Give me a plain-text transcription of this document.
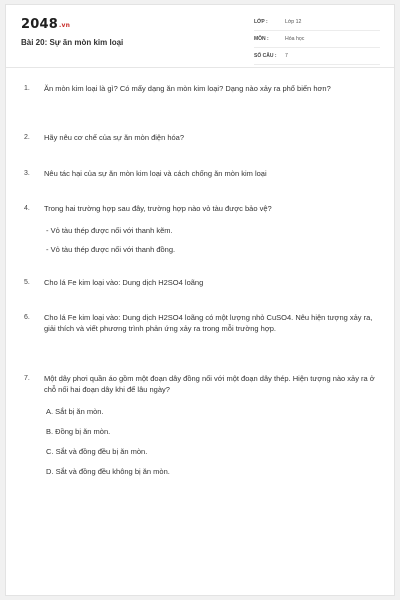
2048.vn
Bài 20: Sự ăn mòn kim loại
LỚP :	Lớp 12
MÔN :	Hóa học
SỐ CÂU : 7
1. Ăn mòn kim loại là gì? Có mấy dạng ăn mòn kim loại? Dạng nào xảy ra phổ biến hơn?
2. Hãy nêu cơ chế của sự ăn mòn điện hóa?
3. Nêu tác hại của sự ăn mòn kim loại và cách chống ăn mòn kim loại
4. Trong hai trường hợp sau đây, trường hợp nào vỏ tàu được bảo vệ?
- Vỏ tàu thép được nối với thanh kẽm.
- Vỏ tàu thép được nối với thanh đồng.
5. Cho lá Fe kim loại vào: Dung dịch H2SO4 loãng
6. Cho lá Fe kim loại vào: Dung dịch H2SO4 loãng có một lượng nhỏ CuSO4. Nêu hiện tượng xảy ra, giải thích và viết phương trình phản ứng xảy ra trong mỗi trường hợp.
7. Một dây phơi quần áo gồm một đoạn dây đồng nối với một đoạn dây thép. Hiện tượng nào xảy ra ở chỗ nối hai đoạn dây khi để lâu ngày?
A. Sắt bị ăn mòn.
B. Đồng bị ăn mòn.
C. Sắt và đồng đều bị ăn mòn.
D. Sắt và đồng đều không bị ăn mòn.
